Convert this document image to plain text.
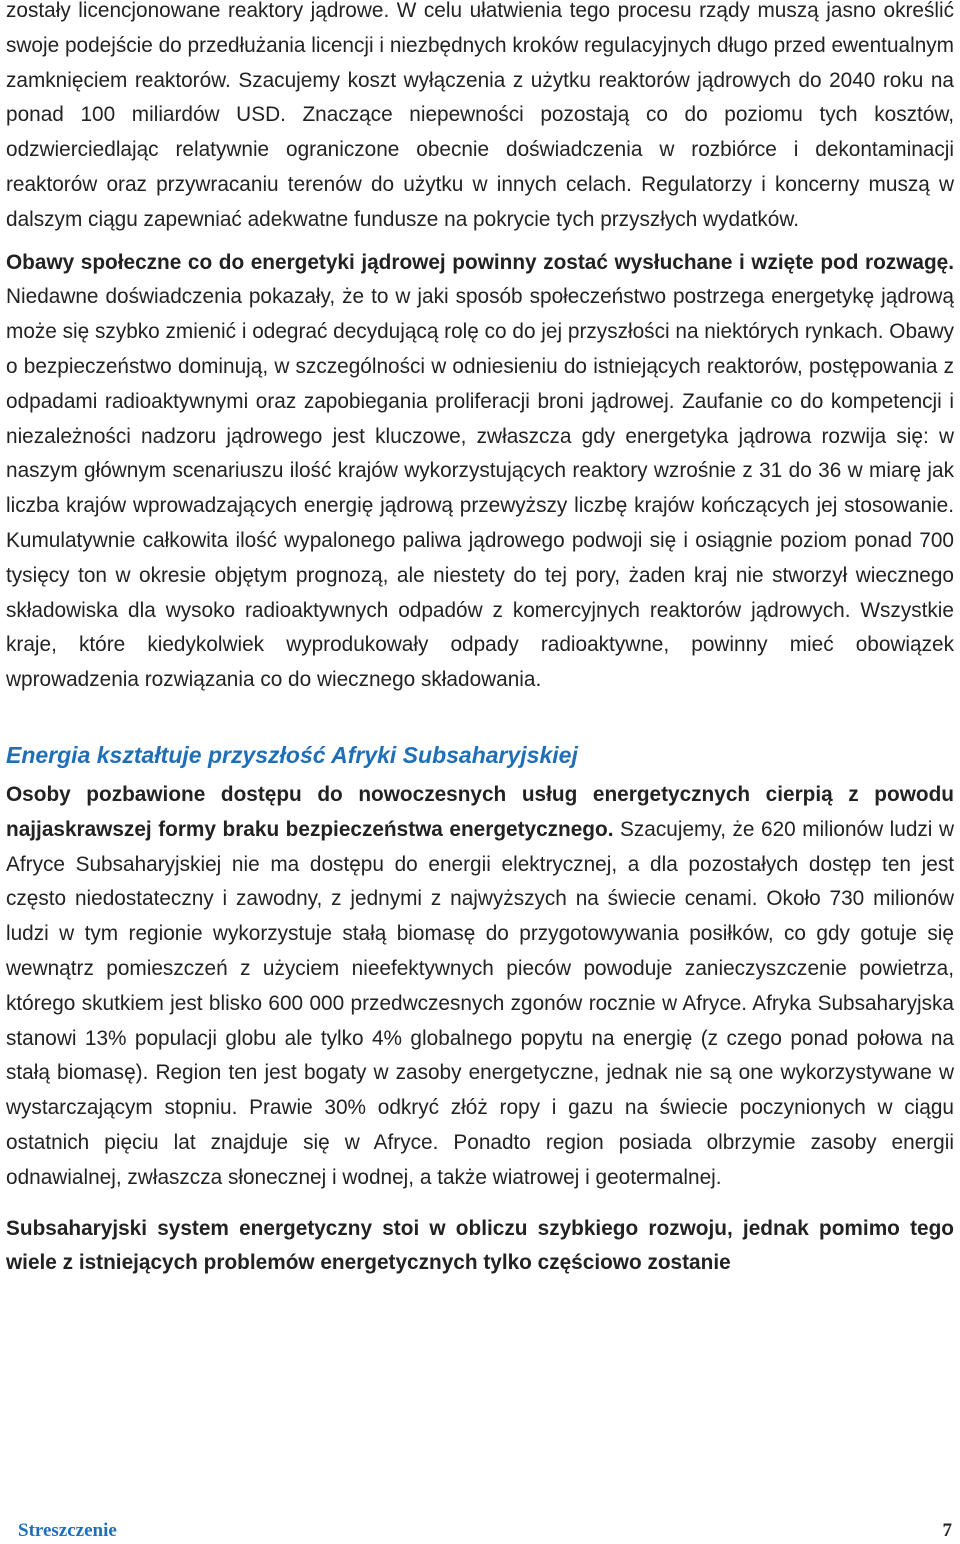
zostały licencjonowane reaktory jądrowe. W celu ułatwienia tego procesu rządy muszą jasno określić swoje podejście do przedłużania licencji i niezbędnych kroków regulacyjnych długo przed ewentualnym zamknięciem reaktorów. Szacujemy koszt wyłączenia z użytku reaktorów jądrowych do 2040 roku na ponad 100 miliardów USD. Znaczące niepewności pozostają co do poziomu tych kosztów, odzwierciedlając relatywnie ograniczone obecnie doświadczenia w rozbiórce i dekontaminacji reaktorów oraz przywracaniu terenów do użytku w innych celach. Regulatorzy i koncerny muszą w dalszym ciągu zapewniać adekwatne fundusze na pokrycie tych przyszłych wydatków.

Obawy społeczne co do energetyki jądrowej powinny zostać wysłuchane i wzięte pod rozwagę. Niedawne doświadczenia pokazały, że to w jaki sposób społeczeństwo postrzega energetykę jądrową może się szybko zmienić i odegrać decydującą rolę co do jej przyszłości na niektórych rynkach. Obawy o bezpieczeństwo dominują, w szczególności w odniesieniu do istniejących reaktorów, postępowania z odpadami radioaktywnymi oraz zapobiegania proliferacji broni jądrowej. Zaufanie co do kompetencji i niezależności nadzoru jądrowego jest kluczowe, zwłaszcza gdy energetyka jądrowa rozwija się: w naszym głównym scenariuszu ilość krajów wykorzystujących reaktory wzrośnie z 31 do 36 w miarę jak liczba krajów wprowadzających energię jądrową przewyższy liczbę krajów kończących jej stosowanie. Kumulatywnie całkowita ilość wypalonego paliwa jądrowego podwoji się i osiągnie poziom ponad 700 tysięcy ton w okresie objętym prognozą, ale niestety do tej pory, żaden kraj nie stworzył wiecznego składowiska dla wysoko radioaktywnych odpadów z komercyjnych reaktorów jądrowych. Wszystkie kraje, które kiedykolwiek wyprodukowały odpady radioaktywne, powinny mieć obowiązek wprowadzenia rozwiązania co do wiecznego składowania.

Energia kształtuje przyszłość Afryki Subsaharyjskiej

Osoby pozbawione dostępu do nowoczesnych usług energetycznych cierpią z powodu najjaskrawszej formy braku bezpieczeństwa energetycznego. Szacujemy, że 620 milionów ludzi w Afryce Subsaharyjskiej nie ma dostępu do energii elektrycznej, a dla pozostałych dostęp ten jest często niedostateczny i zawodny, z jednymi z najwyższych na świecie cenami. Około 730 milionów ludzi w tym regionie wykorzystuje stałą biomasę do przygotowywania posiłków, co gdy gotuje się wewnątrz pomieszczeń z użyciem nieefektywnych pieców powoduje zanieczyszczenie powietrza, którego skutkiem jest blisko 600 000 przedwczesnych zgonów rocznie w Afryce. Afryka Subsaharyjska stanowi 13% populacji globu ale tylko 4% globalnego popytu na energię (z czego ponad połowa na stałą biomasę). Region ten jest bogaty w zasoby energetyczne, jednak nie są one wykorzystywane w wystarczającym stopniu. Prawie 30% odkryć złóż ropy i gazu na świecie poczynionych w ciągu ostatnich pięciu lat znajduje się w Afryce. Ponadto region posiada olbrzymie zasoby energii odnawialnej, zwłaszcza słonecznej i wodnej, a także wiatrowej i geotermalnej.

Subsaharyjski system energetyczny stoi w obliczu szybkiego rozwoju, jednak pomimo tego wiele z istniejących problemów energetycznych tylko częściowo zostanie

Streszczenie	7
